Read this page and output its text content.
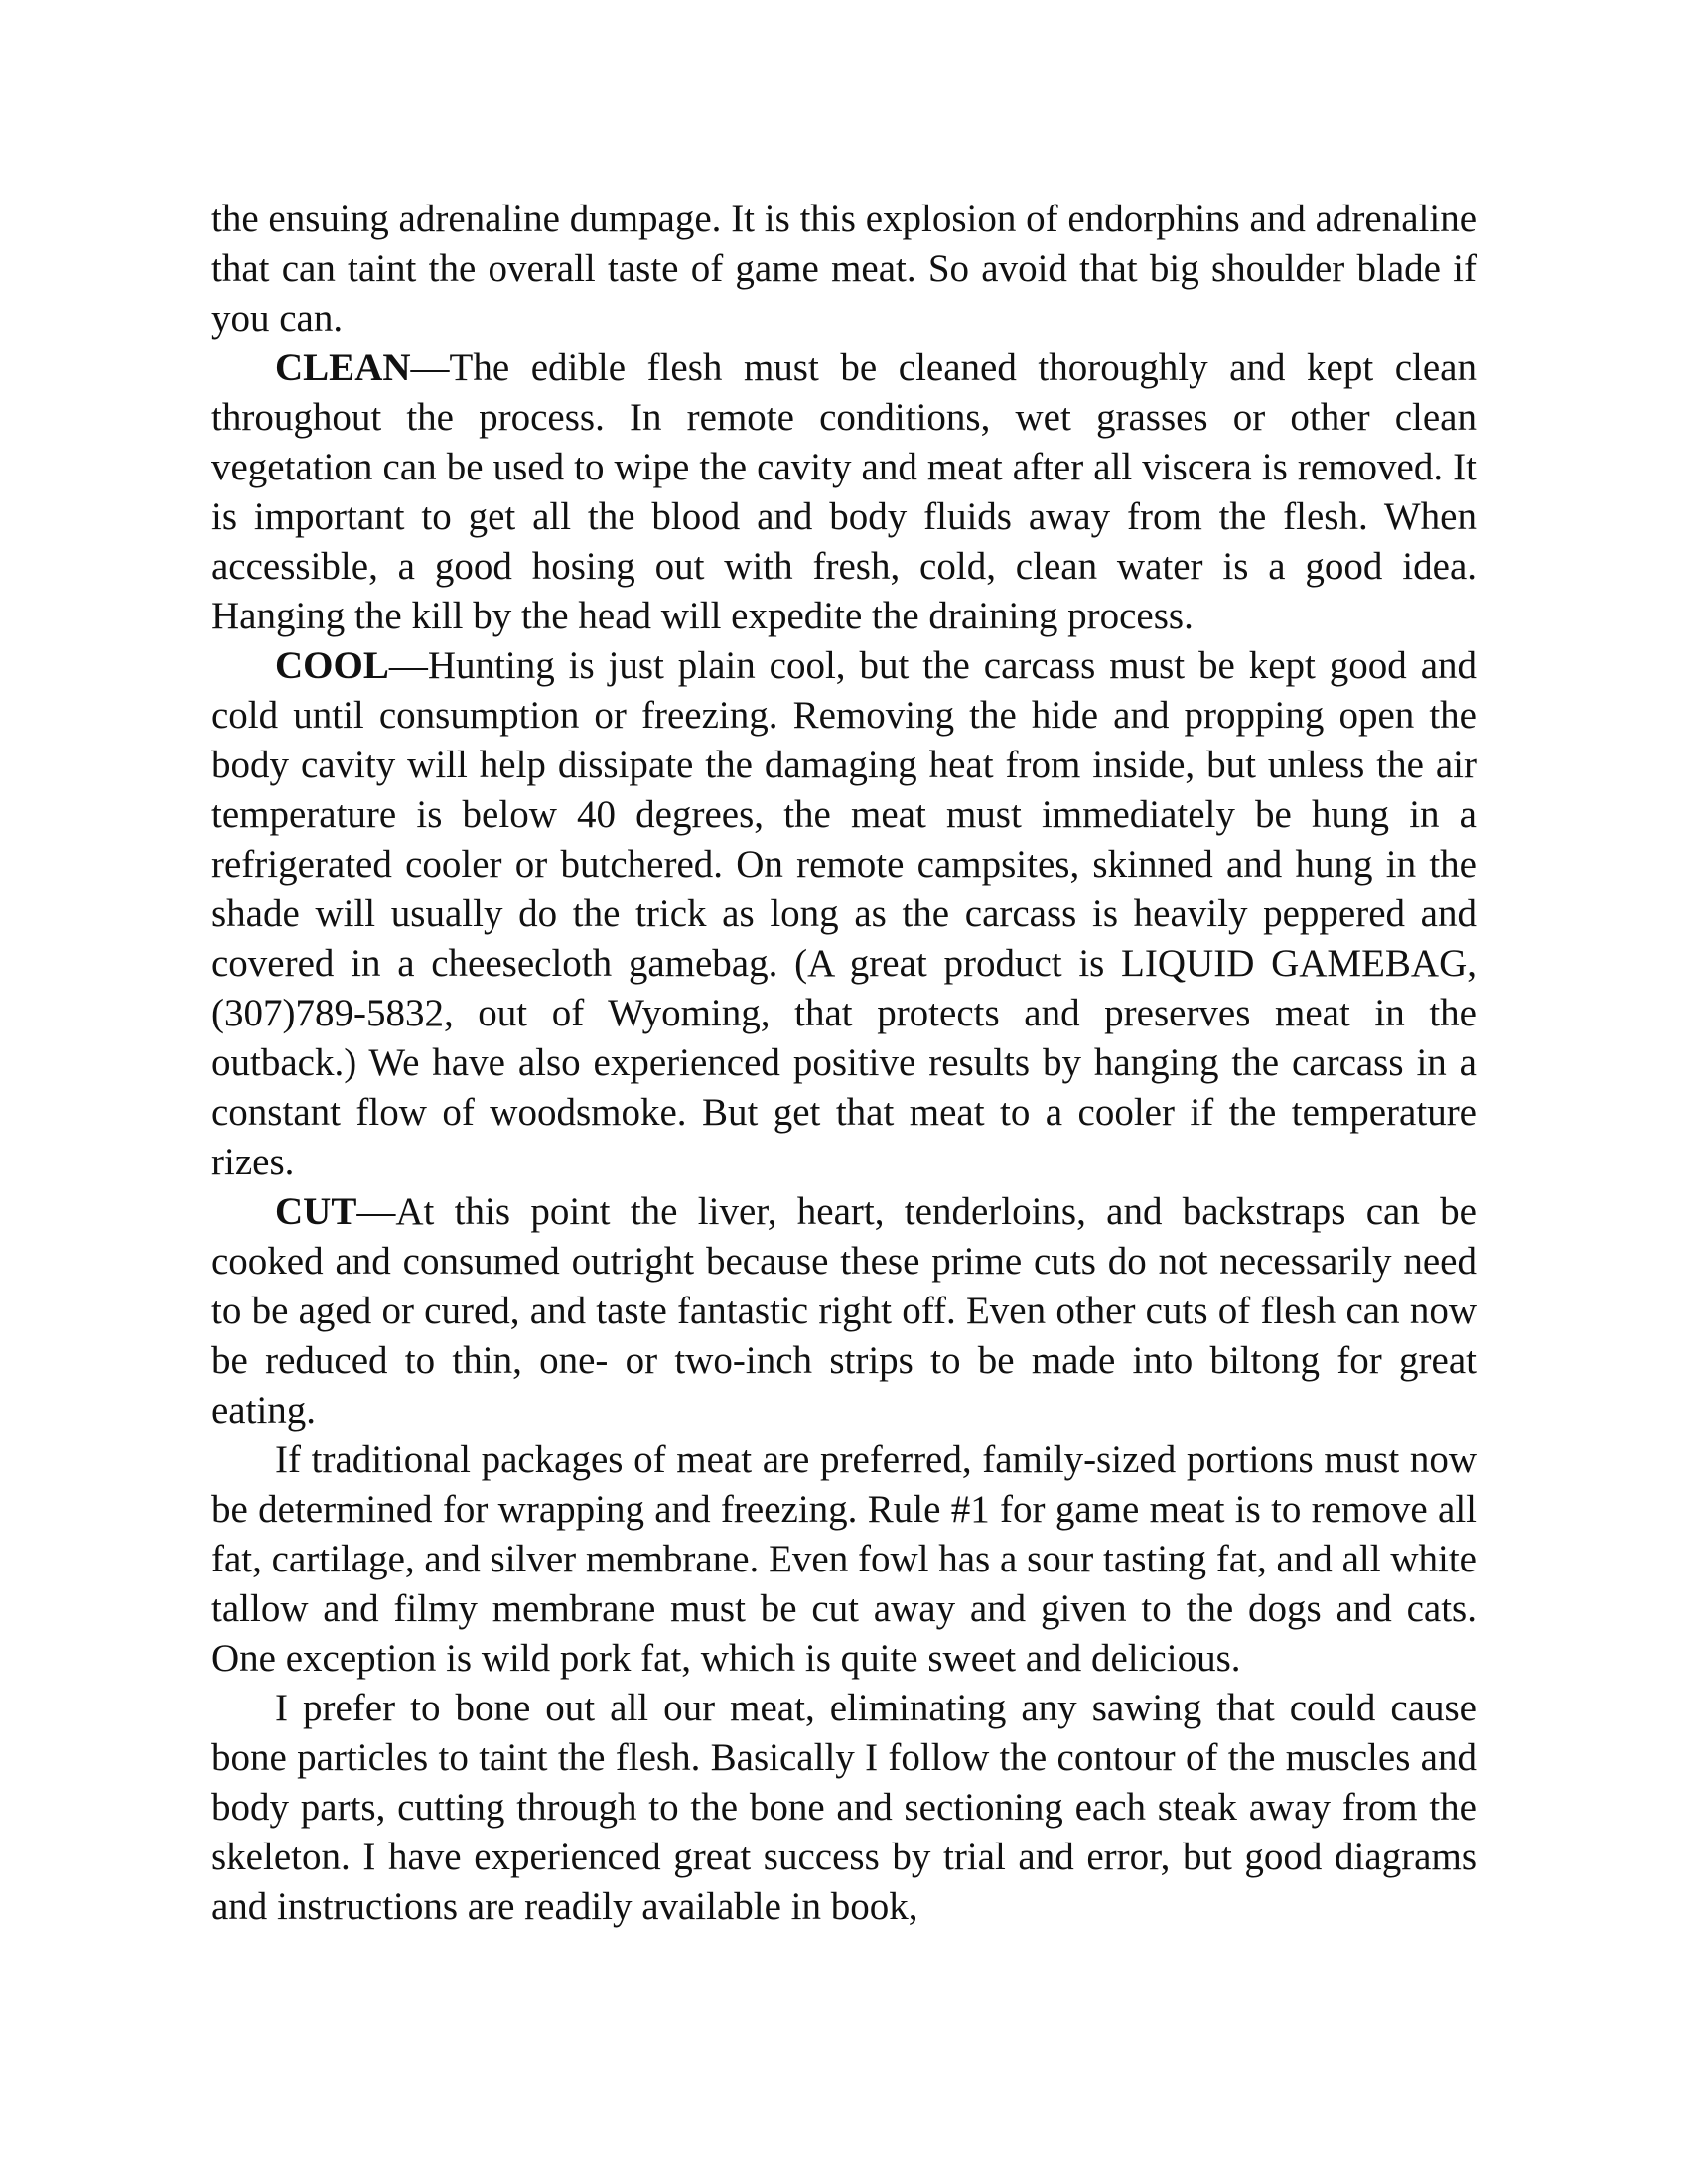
the ensuing adrenaline dumpage. It is this explosion of endorphins and adrenaline that can taint the overall taste of game meat. So avoid that big shoulder blade if you can.

CLEAN—The edible flesh must be cleaned thoroughly and kept clean throughout the process. In remote conditions, wet grasses or other clean vegetation can be used to wipe the cavity and meat after all viscera is removed. It is important to get all the blood and body fluids away from the flesh. When accessible, a good hosing out with fresh, cold, clean water is a good idea. Hanging the kill by the head will expedite the draining process.

COOL—Hunting is just plain cool, but the carcass must be kept good and cold until consumption or freezing. Removing the hide and propping open the body cavity will help dissipate the damaging heat from inside, but unless the air temperature is below 40 degrees, the meat must immediately be hung in a refrigerated cooler or butchered. On remote campsites, skinned and hung in the shade will usually do the trick as long as the carcass is heavily peppered and covered in a cheesecloth gamebag. (A great product is LIQUID GAMEBAG, (307)789-5832, out of Wyoming, that protects and preserves meat in the outback.) We have also experienced positive results by hanging the carcass in a constant flow of woodsmoke. But get that meat to a cooler if the temperature rizes.

CUT—At this point the liver, heart, tenderloins, and backstraps can be cooked and consumed outright because these prime cuts do not necessarily need to be aged or cured, and taste fantastic right off. Even other cuts of flesh can now be reduced to thin, one- or two-inch strips to be made into biltong for great eating.

If traditional packages of meat are preferred, family-sized portions must now be determined for wrapping and freezing. Rule #1 for game meat is to remove all fat, cartilage, and silver membrane. Even fowl has a sour tasting fat, and all white tallow and filmy membrane must be cut away and given to the dogs and cats. One exception is wild pork fat, which is quite sweet and delicious.

I prefer to bone out all our meat, eliminating any sawing that could cause bone particles to taint the flesh. Basically I follow the contour of the muscles and body parts, cutting through to the bone and sectioning each steak away from the skeleton. I have experienced great success by trial and error, but good diagrams and instructions are readily available in book,
